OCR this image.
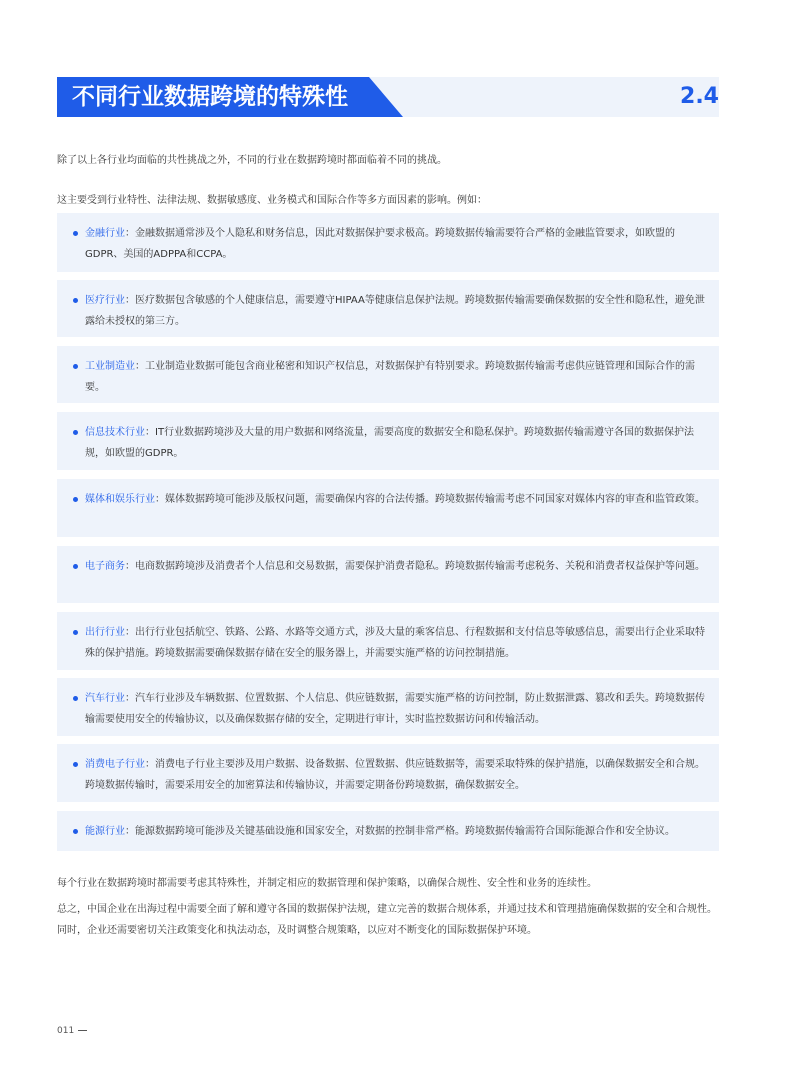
不同行业数据跨境的特殊性	2.4
除了以上各行业均面临的共性挑战之外，不同的行业在数据跨境时都面临着不同的挑战。
这主要受到行业特性、法律法规、数据敏感度、业务模式和国际合作等多方面因素的影响。例如：
金融行业：金融数据通常涉及个人隐私和财务信息，因此对数据保护要求极高。跨境数据传输需要符合严格的金融监管要求，如欧盟的GDPR、美国的ADPPA和CCPA。
医疗行业：医疗数据包含敏感的个人健康信息，需要遵守HIPAA等健康信息保护法规。跨境数据传输需要确保数据的安全性和隐私性，避免泄露给未授权的第三方。
工业制造业：工业制造业数据可能包含商业秘密和知识产权信息，对数据保护有特别要求。跨境数据传输需考虑供应链管理和国际合作的需要。
信息技术行业：IT行业数据跨境涉及大量的用户数据和网络流量，需要高度的数据安全和隐私保护。跨境数据传输需遵守各国的数据保护法规，如欧盟的GDPR。
媒体和娱乐行业：媒体数据跨境可能涉及版权问题，需要确保内容的合法传播。跨境数据传输需考虑不同国家对媒体内容的审查和监管政策。
电子商务：电商数据跨境涉及消费者个人信息和交易数据，需要保护消费者隐私。跨境数据传输需考虑税务、关税和消费者权益保护等问题。
出行行业：出行行业包括航空、铁路、公路、水路等交通方式，涉及大量的乘客信息、行程数据和支付信息等敏感信息，需要出行企业采取特殊的保护措施。跨境数据需要确保数据存储在安全的服务器上，并需要实施严格的访问控制措施。
汽车行业：汽车行业涉及车辆数据、位置数据、个人信息、供应链数据，需要实施严格的访问控制，防止数据泄露、篡改和丢失。跨境数据传输需要使用安全的传输协议，以及确保数据存储的安全，定期进行审计，实时监控数据访问和传输活动。
消费电子行业：消费电子行业主要涉及用户数据、设备数据、位置数据、供应链数据等，需要采取特殊的保护措施，以确保数据安全和合规。跨境数据传输时，需要采用安全的加密算法和传输协议，并需要定期备份跨境数据，确保数据安全。
能源行业：能源数据跨境可能涉及关键基础设施和国家安全，对数据的控制非常严格。跨境数据传输需符合国际能源合作和安全协议。
每个行业在数据跨境时都需要考虑其特殊性，并制定相应的数据管理和保护策略，以确保合规性、安全性和业务的连续性。
总之，中国企业在出海过程中需要全面了解和遵守各国的数据保护法规，建立完善的数据合规体系，并通过技术和管理措施确保数据的安全和合规性。同时，企业还需要密切关注政策变化和执法动态，及时调整合规策略，以应对不断变化的国际数据保护环境。
011
